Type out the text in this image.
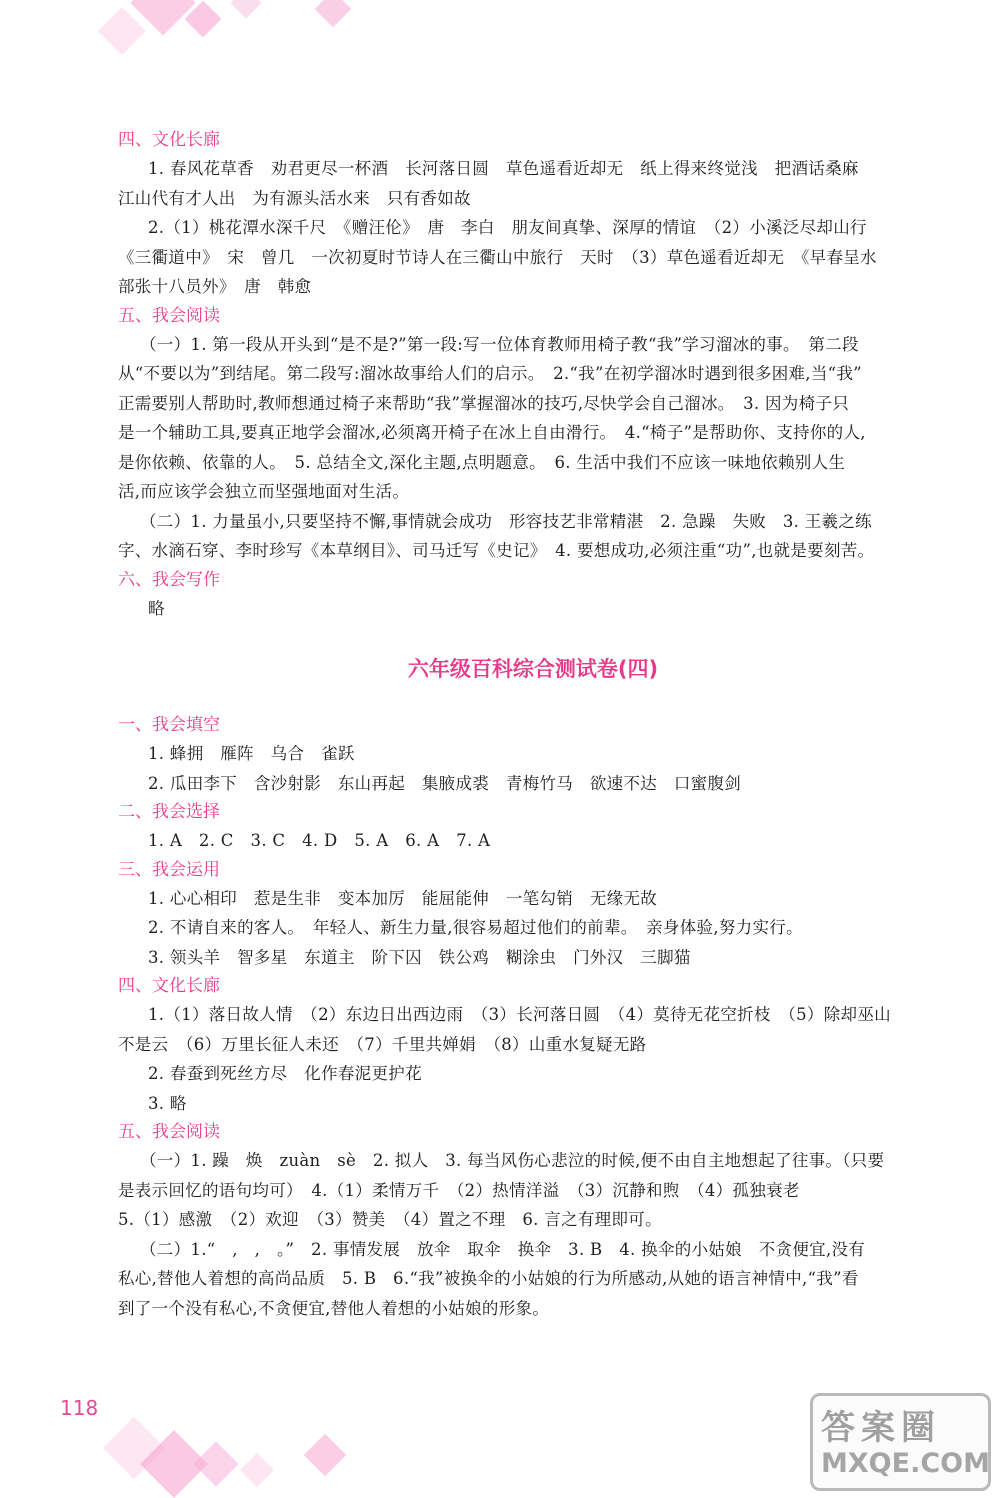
四、文化长廊
1. 春风花草香　劝君更尽一杯酒　长河落日圆　草色遥看近却无　纸上得来终觉浅　把酒话桑麻
江山代有才人出　为有源头活水来　只有香如故
2.（1）桃花潭水深千尺　《赠汪伦》　唐　李白　朋友间真挚、深厚的情谊　（2）小溪泛尽却山行
《三衢道中》　宋　曾几　一次初夏时节诗人在三衢山中旅行　天时　（3）草色遥看近却无　《早春呈水
部张十八员外》　唐　韩愈
五、我会阅读
（一）1. 第一段从开头到“是不是?”第一段:写一位体育教师用椅子教“我”学习溜冰的事。　第二段
从“不要以为”到结尾。第二段写:溜冰故事给人们的启示。　2.“我”在初学溜冰时遇到很多困难,当“我”
正需要别人帮助时,教师想通过椅子来帮助“我”掌握溜冰的技巧,尽快学会自己溜冰。　3. 因为椅子只
是一个辅助工具,要真正地学会溜冰,必须离开椅子在冰上自由滑行。　4.“椅子”是帮助你、支持你的人,
是你依赖、依靠的人。　5. 总结全文,深化主题,点明题意。　6. 生活中我们不应该一味地依赖别人生
活,而应该学会独立而坚强地面对生活。
（二）1. 力量虽小,只要坚持不懈,事情就会成功　形容技艺非常精湛　2. 急躁　失败　3. 王羲之练
字、水滴石穿、李时珍写《本草纲目》、司马迁写《史记》　4. 要想成功,必须注重“功”,也就是要刻苦。
六、我会写作
略
六年级百科综合测试卷(四)
一、我会填空
1. 蜂拥　雁阵　乌合　雀跃
2. 瓜田李下　含沙射影　东山再起　集腋成裘　青梅竹马　欲速不达　口蜜腹剑
二、我会选择
1. A　2. C　3. C　4. D　5. A　6. A　7. A
三、我会运用
1. 心心相印　惹是生非　变本加厉　能屈能伸　一笔勾销　无缘无故
2. 不请自来的客人。　年轻人、新生力量,很容易超过他们的前辈。　亲身体验,努力实行。
3. 领头羊　智多星　东道主　阶下囚　铁公鸡　糊涂虫　门外汉　三脚猫
四、文化长廊
1.（1）落日故人情　（2）东边日出西边雨　（3）长河落日圆　（4）莫待无花空折枝　（5）除却巫山
不是云　（6）万里长征人未还　（7）千里共婵娟　（8）山重水复疑无路
2. 春蚕到死丝方尽　化作春泥更护花
3. 略
五、我会阅读
（一）1. 躁　焕　zuàn　sè　2. 拟人　3. 每当风伤心悲泣的时候,便不由自主地想起了往事。（只要
是表示回忆的语句均可）　4.（1）柔情万千　（2）热情洋溢　（3）沉静和煦　（4）孤独衰老
5.（1）感激　（2）欢迎　（3）赞美　（4）置之不理　6. 言之有理即可。
（二）1.“　,　,　。”　2. 事情发展　放伞　取伞　换伞　3. B　4. 换伞的小姑娘　不贪便宜,没有
私心,替他人着想的高尚品质　5. B　6.“我”被换伞的小姑娘的行为所感动,从她的语言神情中,“我”看
到了一个没有私心,不贪便宜,替他人着想的小姑娘的形象。
118	答案圈
MXQE.COM
